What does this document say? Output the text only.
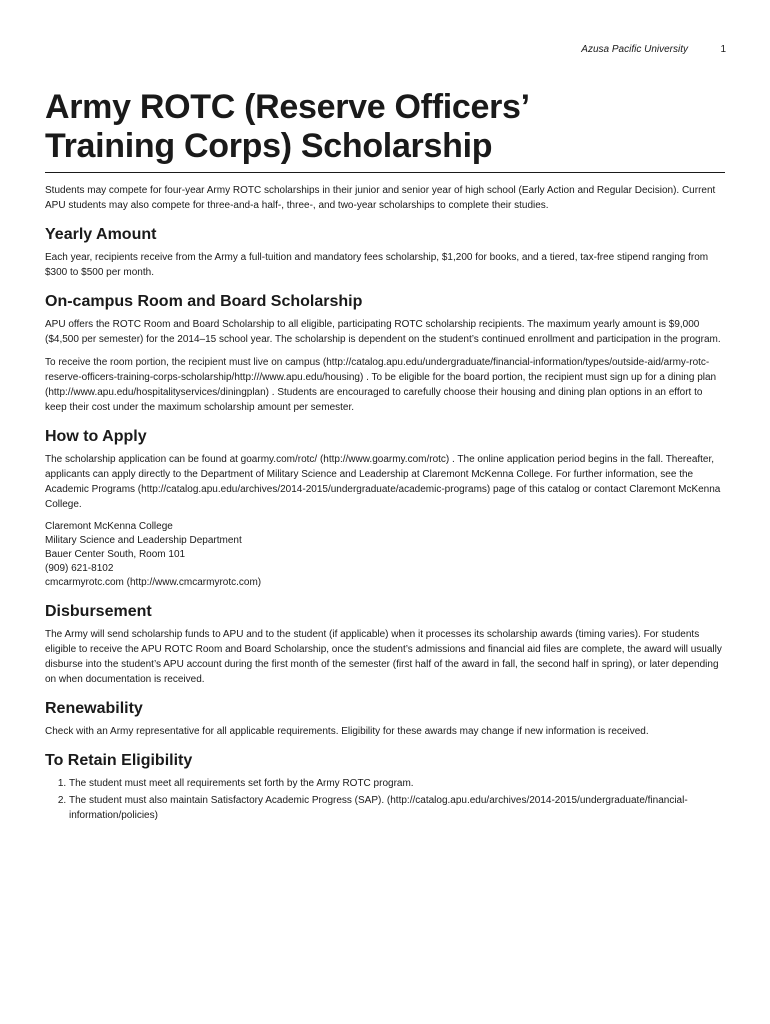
Azusa Pacific University	1
Army ROTC (Reserve Officers’
Training Corps) Scholarship

Students may compete for four-year Army ROTC scholarships in their junior and senior year of high school (Early Action and Regular Decision). Current APU students may also compete for three-and-a half-, three-, and two-year scholarships to complete their studies.

Yearly Amount

Each year, recipients receive from the Army a full-tuition and mandatory fees scholarship, $1,200 for books, and a tiered, tax-free stipend ranging from $300 to $500 per month.

On-campus Room and Board Scholarship

APU offers the ROTC Room and Board Scholarship to all eligible, participating ROTC scholarship recipients. The maximum yearly amount is $9,000 ($4,500 per semester) for the 2014–15 school year. The scholarship is dependent on the student’s continued enrollment and participation in the program.

To receive the room portion, the recipient must live on campus (http://catalog.apu.edu/undergraduate/financial-information/types/outside-aid/army-rotc-reserve-officers-training-corps-scholarship/http:///www.apu.edu/housing) . To be eligible for the board portion, the recipient must sign up for a dining plan (http://www.apu.edu/hospitalityservices/diningplan) . Students are encouraged to carefully choose their housing and dining plan options in an effort to keep their cost under the maximum scholarship amount per semester.

How to Apply

The scholarship application can be found at goarmy.com/rotc/ (http://www.goarmy.com/rotc) . The online application period begins in the fall. Thereafter, applicants can apply directly to the Department of Military Science and Leadership at Claremont McKenna College. For further information, see the Academic Programs (http://catalog.apu.edu/archives/2014-2015/undergraduate/academic-programs) page of this catalog or contact Claremont McKenna College.

Claremont McKenna College
Military Science and Leadership Department
Bauer Center South, Room 101
(909) 621-8102
cmcarmyrotc.com (http://www.cmcarmyrotc.com)
Disbursement

The Army will send scholarship funds to APU and to the student (if applicable) when it processes its scholarship awards (timing varies). For students eligible to receive the APU ROTC Room and Board Scholarship, once the student’s admissions and financial aid files are complete, the award will usually disburse into the student’s APU account during the first month of the semester (first half of the award in fall, the second half in spring), or later depending on when documentation is received.

Renewability

Check with an Army representative for all applicable requirements. Eligibility for these awards may change if new information is received.

To Retain Eligibility
1. The student must meet all requirements set forth by the Army ROTC program.
2. The student must also maintain Satisfactory Academic Progress (SAP). (http://catalog.apu.edu/archives/2014-2015/undergraduate/financial-information/policies)
